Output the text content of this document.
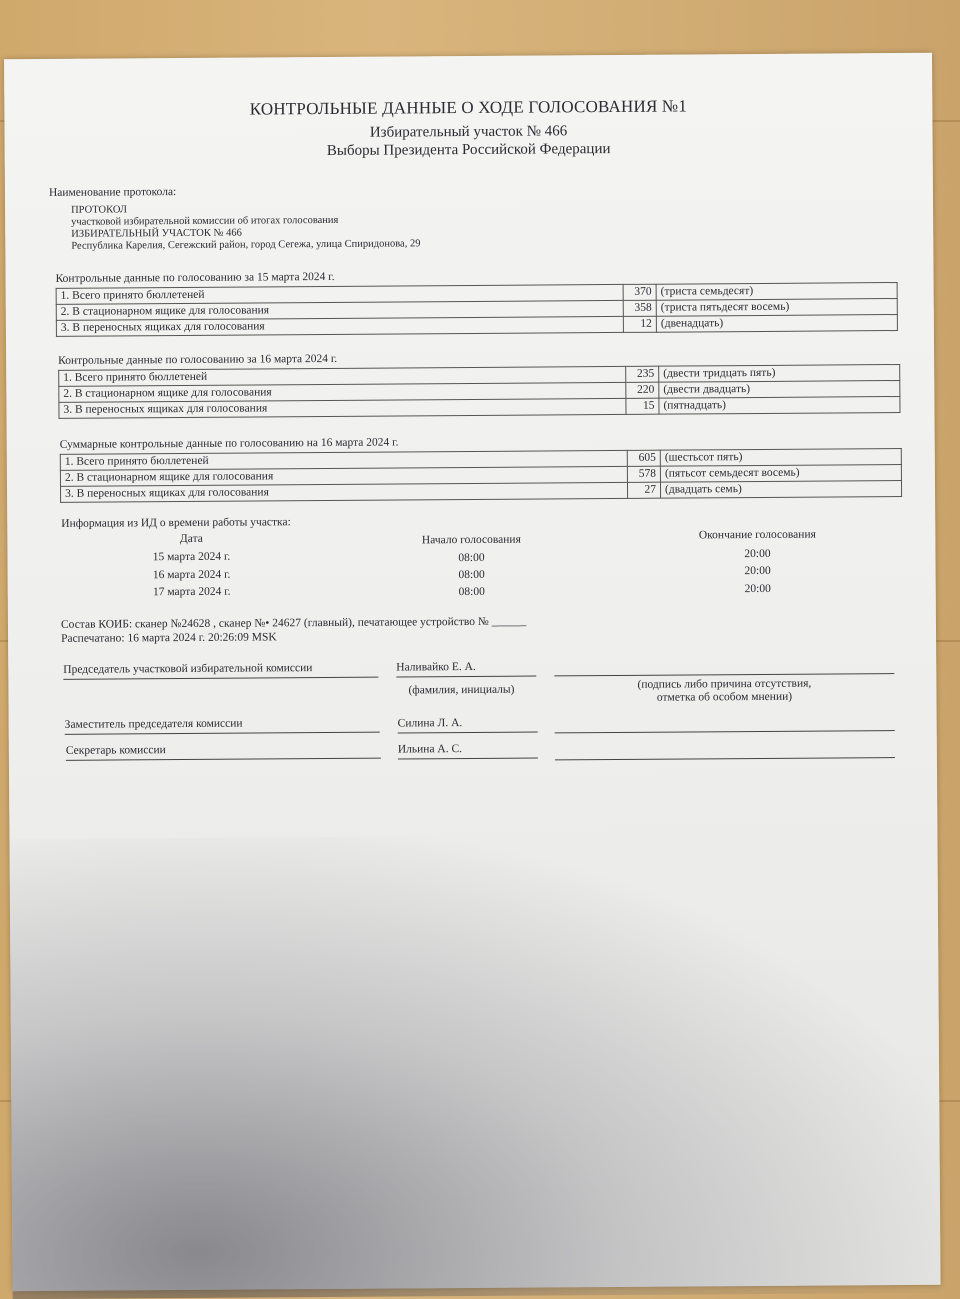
КОНТРОЛЬНЫЕ ДАННЫЕ О ХОДЕ ГОЛОСОВАНИЯ №1
Избирательный участок № 466
Выборы Президента Российской Федерации
Наименование протокола:
ПРОТОКОЛ
участковой избирательной комиссии об итогах голосования
ИЗБИРАТЕЛЬНЫЙ УЧАСТОК № 466
Республика Карелия, Сегежский район, город Сегежа, улица Спиридонова, 29
Контрольные данные по голосованию за 15 марта 2024 г.
1. Всего принято бюллетеней	370	(триста семьдесят)
2. В стационарном ящике для голосования	358	(триста пятьдесят восемь)
3. В переносных ящиках для голосования	12	(двенадцать)
Контрольные данные по голосованию за 16 марта 2024 г.
1. Всего принято бюллетеней	235	(двести тридцать пять)
2. В стационарном ящике для голосования	220	(двести двадцать)
3. В переносных ящиках для голосования	15	(пятнадцать)
Суммарные контрольные данные по голосованию на 16 марта 2024 г.
1. Всего принято бюллетеней	605	(шестьсот пять)
2. В стационарном ящике для голосования	578	(пятьсот семьдесят восемь)
3. В переносных ящиках для голосования	27	(двадцать семь)
Информация из ИД о времени работы участка:
Дата	Начало голосования	Окончание голосования
15 марта 2024 г.	08:00	20:00
16 марта 2024 г.	08:00	20:00
17 марта 2024 г.	08:00	20:00
Состав КОИБ: сканер №24628 , сканер №• 24627 (главный), печатающее устройство № ______
Распечатано: 16 марта 2024 г. 20:26:09 MSK
Председатель участковой избирательной комиссии	Наливайко Е. А.
(фамилия, инициалы)	(подпись либо причина отсутствия,
отметка об особом мнении)
Заместитель председателя комиссии	Силина Л. А.
Секретарь комиссии	Ильина А. С.
